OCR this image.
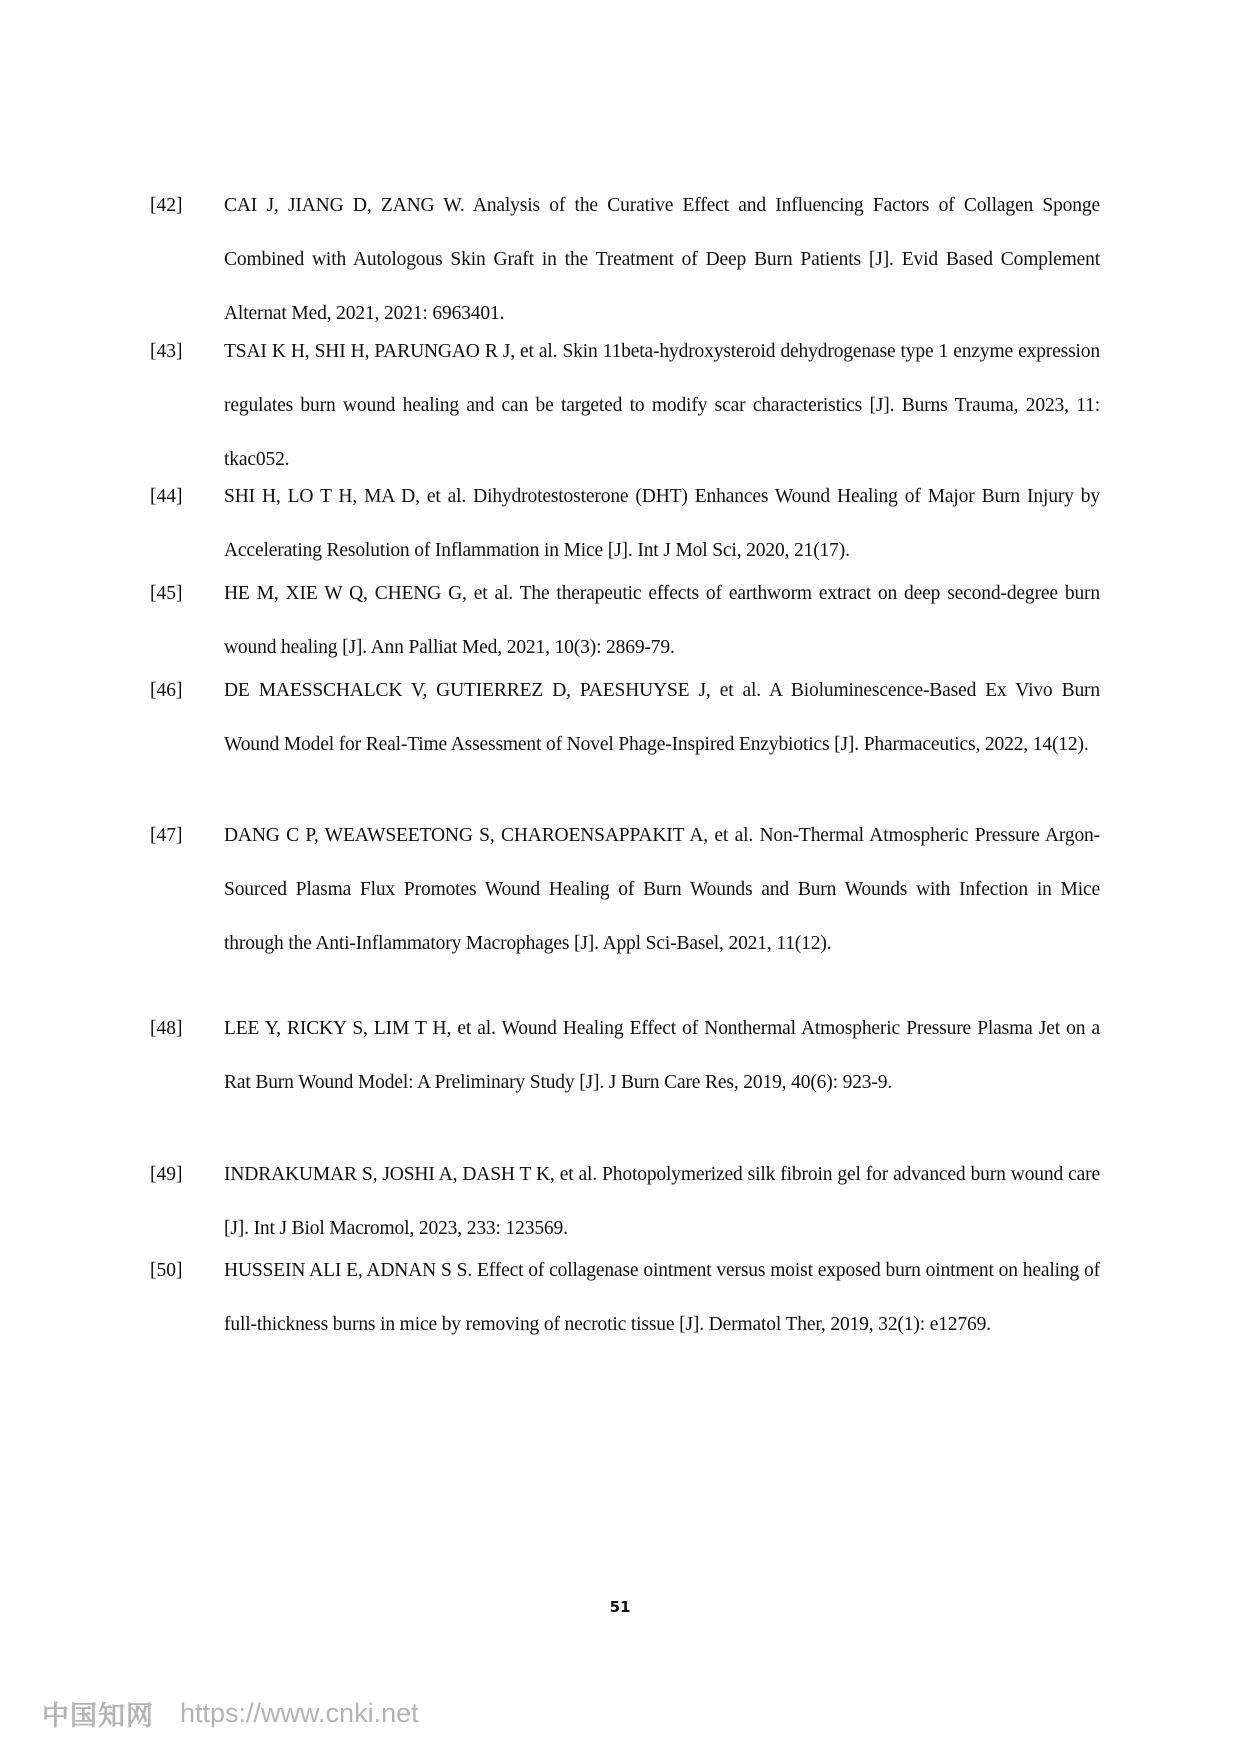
[42] CAI J, JIANG D, ZANG W. Analysis of the Curative Effect and Influencing Factors of Collagen Sponge Combined with Autologous Skin Graft in the Treatment of Deep Burn Patients [J]. Evid Based Complement Alternat Med, 2021, 2021: 6963401.
[43] TSAI K H, SHI H, PARUNGAO R J, et al. Skin 11beta-hydroxysteroid dehydrogenase type 1 enzyme expression regulates burn wound healing and can be targeted to modify scar characteristics [J]. Burns Trauma, 2023, 11: tkac052.
[44] SHI H, LO T H, MA D, et al. Dihydrotestosterone (DHT) Enhances Wound Healing of Major Burn Injury by Accelerating Resolution of Inflammation in Mice [J]. Int J Mol Sci, 2020, 21(17).
[45] HE M, XIE W Q, CHENG G, et al. The therapeutic effects of earthworm extract on deep second-degree burn wound healing [J]. Ann Palliat Med, 2021, 10(3): 2869-79.
[46] DE MAESSCHALCK V, GUTIERREZ D, PAESHUYSE J, et al. A Bioluminescence-Based Ex Vivo Burn Wound Model for Real-Time Assessment of Novel Phage-Inspired Enzybiotics [J]. Pharmaceutics, 2022, 14(12).
[47] DANG C P, WEAWSEETONG S, CHAROENSAPPAKIT A, et al. Non-Thermal Atmospheric Pressure Argon-Sourced Plasma Flux Promotes Wound Healing of Burn Wounds and Burn Wounds with Infection in Mice through the Anti-Inflammatory Macrophages [J]. Appl Sci-Basel, 2021, 11(12).
[48] LEE Y, RICKY S, LIM T H, et al. Wound Healing Effect of Nonthermal Atmospheric Pressure Plasma Jet on a Rat Burn Wound Model: A Preliminary Study [J]. J Burn Care Res, 2019, 40(6): 923-9.
[49] INDRAKUMAR S, JOSHI A, DASH T K, et al. Photopolymerized silk fibroin gel for advanced burn wound care [J]. Int J Biol Macromol, 2023, 233: 123569.
[50] HUSSEIN ALI E, ADNAN S S. Effect of collagenase ointment versus moist exposed burn ointment on healing of full-thickness burns in mice by removing of necrotic tissue [J]. Dermatol Ther, 2019, 32(1): e12769.
51
中国知网 https://www.cnki.net
